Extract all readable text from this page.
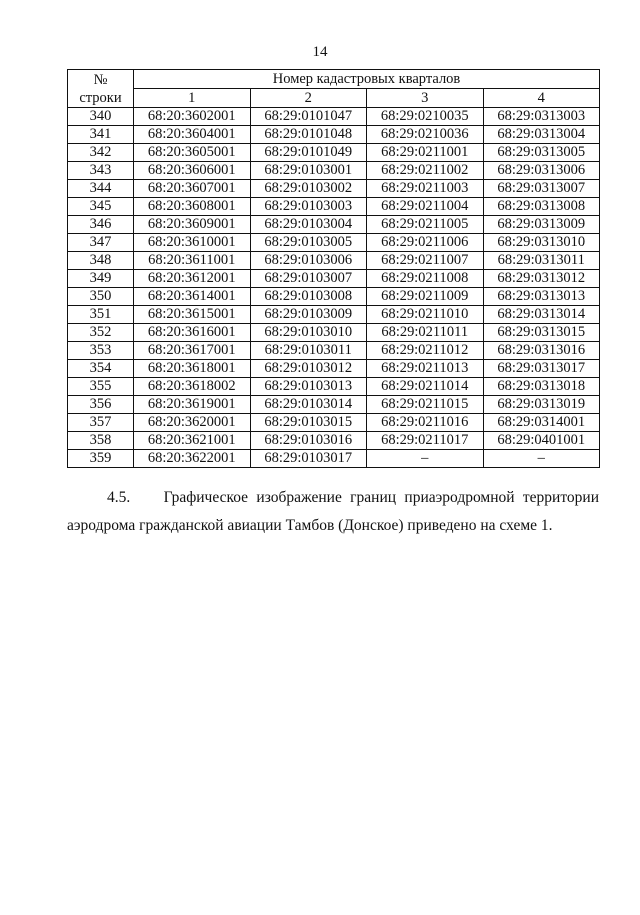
14
№
строки	Номер кадастровых кварталов			
	1	2	3	4
340	68:20:3602001	68:29:0101047	68:29:0210035	68:29:0313003
341	68:20:3604001	68:29:0101048	68:29:0210036	68:29:0313004
342	68:20:3605001	68:29:0101049	68:29:0211001	68:29:0313005
343	68:20:3606001	68:29:0103001	68:29:0211002	68:29:0313006
344	68:20:3607001	68:29:0103002	68:29:0211003	68:29:0313007
345	68:20:3608001	68:29:0103003	68:29:0211004	68:29:0313008
346	68:20:3609001	68:29:0103004	68:29:0211005	68:29:0313009
347	68:20:3610001	68:29:0103005	68:29:0211006	68:29:0313010
348	68:20:3611001	68:29:0103006	68:29:0211007	68:29:0313011
349	68:20:3612001	68:29:0103007	68:29:0211008	68:29:0313012
350	68:20:3614001	68:29:0103008	68:29:0211009	68:29:0313013
351	68:20:3615001	68:29:0103009	68:29:0211010	68:29:0313014
352	68:20:3616001	68:29:0103010	68:29:0211011	68:29:0313015
353	68:20:3617001	68:29:0103011	68:29:0211012	68:29:0313016
354	68:20:3618001	68:29:0103012	68:29:0211013	68:29:0313017
355	68:20:3618002	68:29:0103013	68:29:0211014	68:29:0313018
356	68:20:3619001	68:29:0103014	68:29:0211015	68:29:0313019
357	68:20:3620001	68:29:0103015	68:29:0211016	68:29:0314001
358	68:20:3621001	68:29:0103016	68:29:0211017	68:29:0401001
359	68:20:3622001	68:29:0103017	–	–
4.5. Графическое изображение границ приаэродромной территории аэродрома гражданской авиации Тамбов (Донское) приведено на схеме 1.
